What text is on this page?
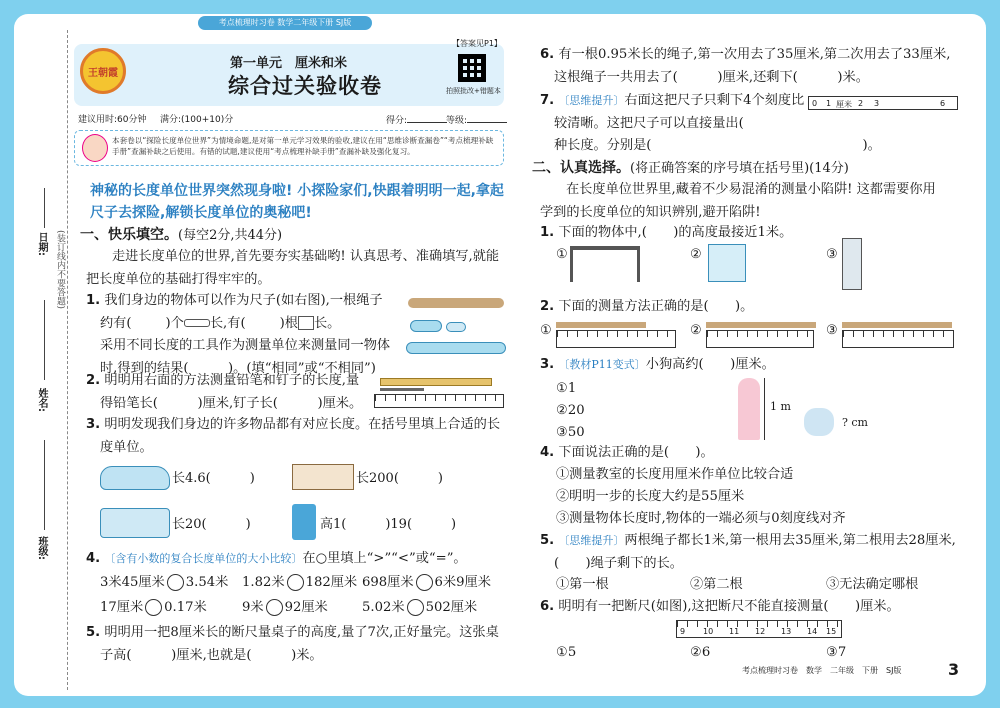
考点梳理时习卷 数学二年级下册 SJ版
日期:
姓名:
班级:
(装订线内不要答题)
王朝霞
【答案见P1】
第一单元　厘米和米
综合过关验收卷	拍照批改+错题本
建议用时:60分钟 满分:(100+10)分	得分:	等级:
本套卷以“探险长度单位世界”为情境命题,是对第一单元学习效果的验收,建议在用“思维诊断查漏卷”“考点梳理补缺手册”查漏补缺之后使用。有错的试题,建议使用“考点梳理补缺手册”查漏补缺及强化复习。
神秘的长度单位世界突然现身啦! 小探险家们,快跟着明明一起,拿起尺子去探险,解锁长度单位的奥秘吧!
一、快乐填空。(每空2分,共44分)
走进长度单位的世界,首先要夯实基础哟! 认真思考、准确填写,就能把长度单位的基础打得牢牢的。
1. 我们身边的物体可以作为尺子(如右图),一根绳子
约有(	)个 长,有(	)根 长。
采用不同长度的工具作为测量单位来测量同一物体
时,得到的结果(　　　)。(填“相同”或“不相同”)
2. 明明用右面的方法测量铅笔和钉子的长度,量
得铅笔长(　　　)厘米,钉子长(　　　)厘米。
3. 明明发现我们身边的许多物品都有对应长度。在括号里填上合适的长
度单位。
长4.6(　　　)	长200(　　　)
长20(　　　)	高1(　　　)19(　　　)
4. 〔含有小数的复合长度单位的大小比较〕在○里填上“>”“<”或“=”。
3米45厘米 3.54米 1.82米 182厘米 698厘米 6米9厘米
17厘米 0.17米	9米 92厘米	5.02米 502厘米
5. 明明用一把8厘米长的断尺量桌子的高度,量了7次,正好量完。这张桌
子高(　　　)厘米,也就是(　　　)米。
6. 有一根0.95米长的绳子,第一次用去了35厘米,第二次用去了33厘米,
这根绳子一共用去了(　　　)厘米,还剩下(　　　)米。
7. 〔思维提升〕右面这把尺子只剩下4个刻度比
较清晰。这把尺子可以直接量出(　　　　　　　　　　　
种长度。分别是(　　　　　　　　　　　　　　　　)。
0 1 厘米 2 3	6
二、认真选择。(将正确答案的序号填在括号里)(14分)
在长度单位世界里,藏着不少易混淆的测量小陷阱! 这都需要你用
学到的长度单位的知识辨别,避开陷阱!
1. 下面的物体中,(　　)的高度最接近1米。
①	②	③
2. 下面的测量方法正确的是(　　)。
①	②	③
3. 〔教材P11变式〕小狗高约(　　)厘米。
①1
②20
③50
1 m
? cm
4. 下面说法正确的是(　　)。
①测量教室的长度用厘米作单位比较合适
②明明一步的长度大约是55厘米
③测量物体长度时,物体的一端必须与0刻度线对齐
5. 〔思维提升〕两根绳子都长1米,第一根用去35厘米,第二根用去28厘米,
(　　)绳子剩下的长。
①第一根	②第二根	③无法确定哪根
6. 明明有一把断尺(如图),这把断尺不能直接测量(　　)厘米。
9 10 11 12 13 14 15
①5	②6	③7
考点梳理时习卷　数学　二年级　下册　SJ版	3
